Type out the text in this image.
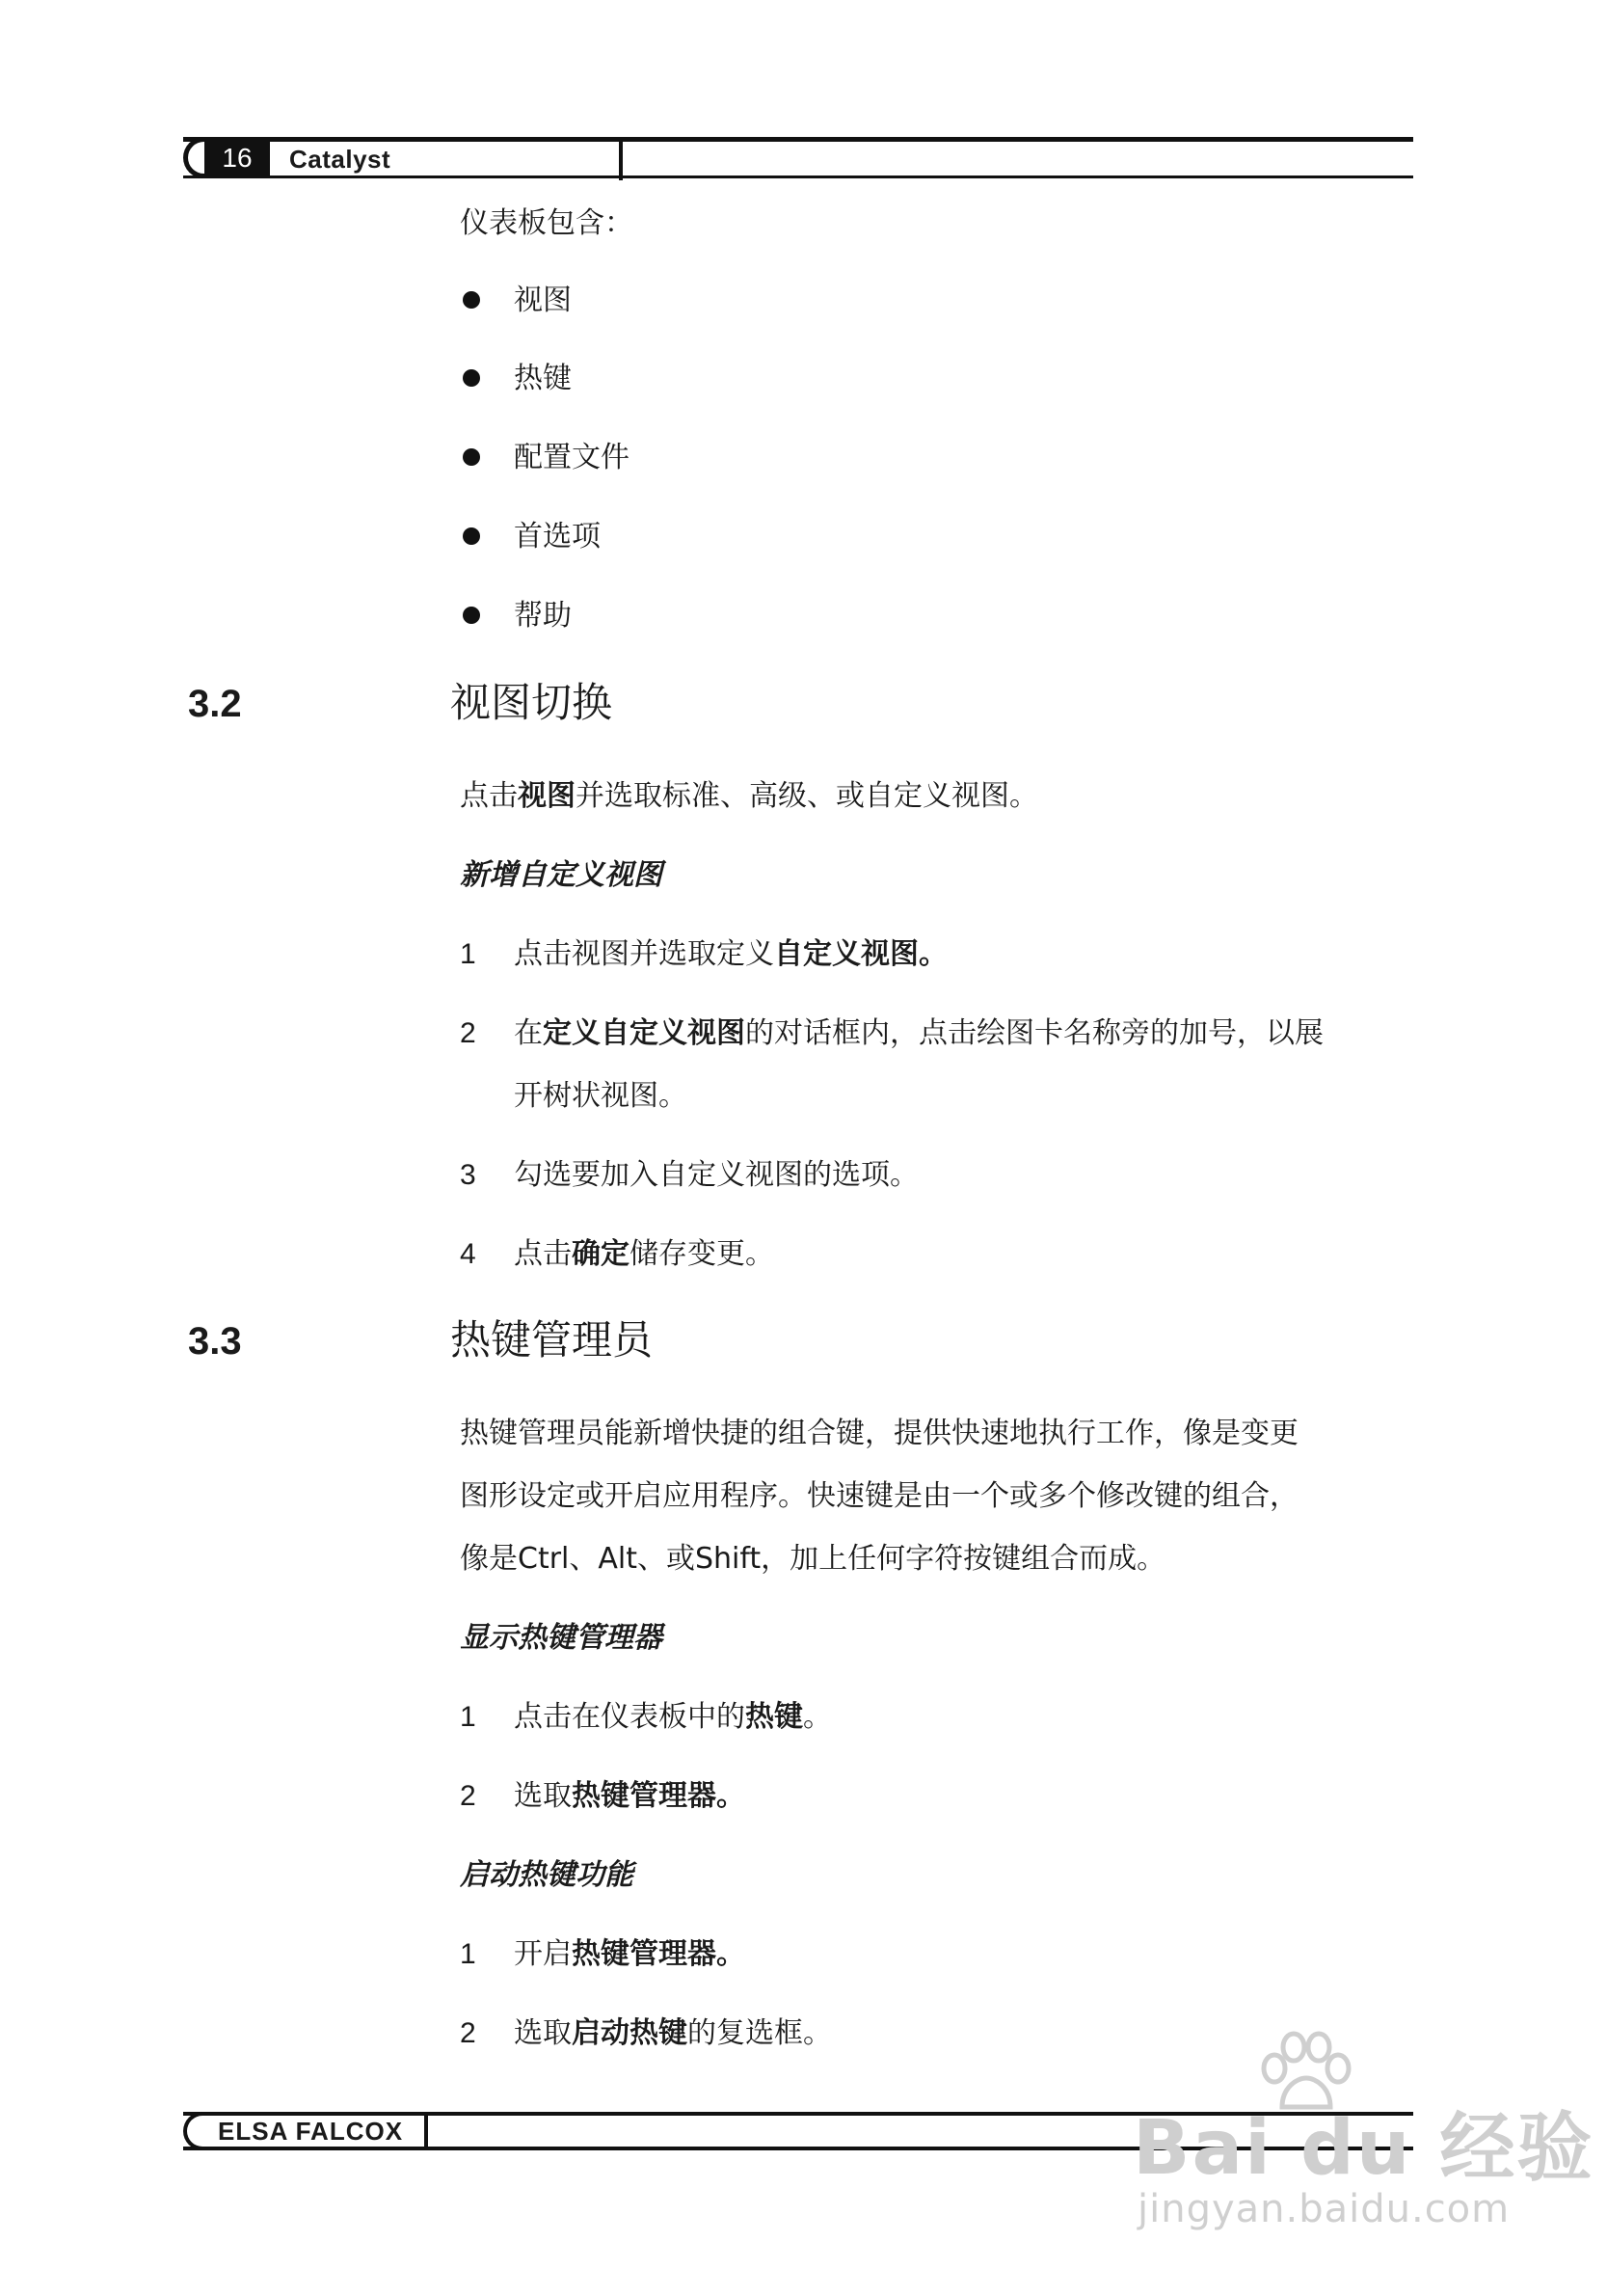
16	Catalyst
仪表板包含：
视图
热键
配置文件
首选项
帮助
3.2	视图切换
点击视图并选取标准、高级、或自定义视图。
新增自定义视图
1 点击视图并选取定义自定义视图。
2 在定义自定义视图的对话框内，点击绘图卡名称旁的加号，以展
开树状视图。
3 勾选要加入自定义视图的选项。
4 点击确定储存变更。
3.3	热键管理员
热键管理员能新增快捷的组合键，提供快速地执行工作，像是变更
图形设定或开启应用程序。快速键是由一个或多个修改键的组合，
像是Ctrl、Alt、或Shift，加上任何字符按键组合而成。
显示热键管理器
1 点击在仪表板中的热键。
2 选取热键管理器。
启动热键功能
1 开启热键管理器。
2 选取启动热键的复选框。
ELSA FALCOX	Bai du 经验
jingyan.baidu.com
